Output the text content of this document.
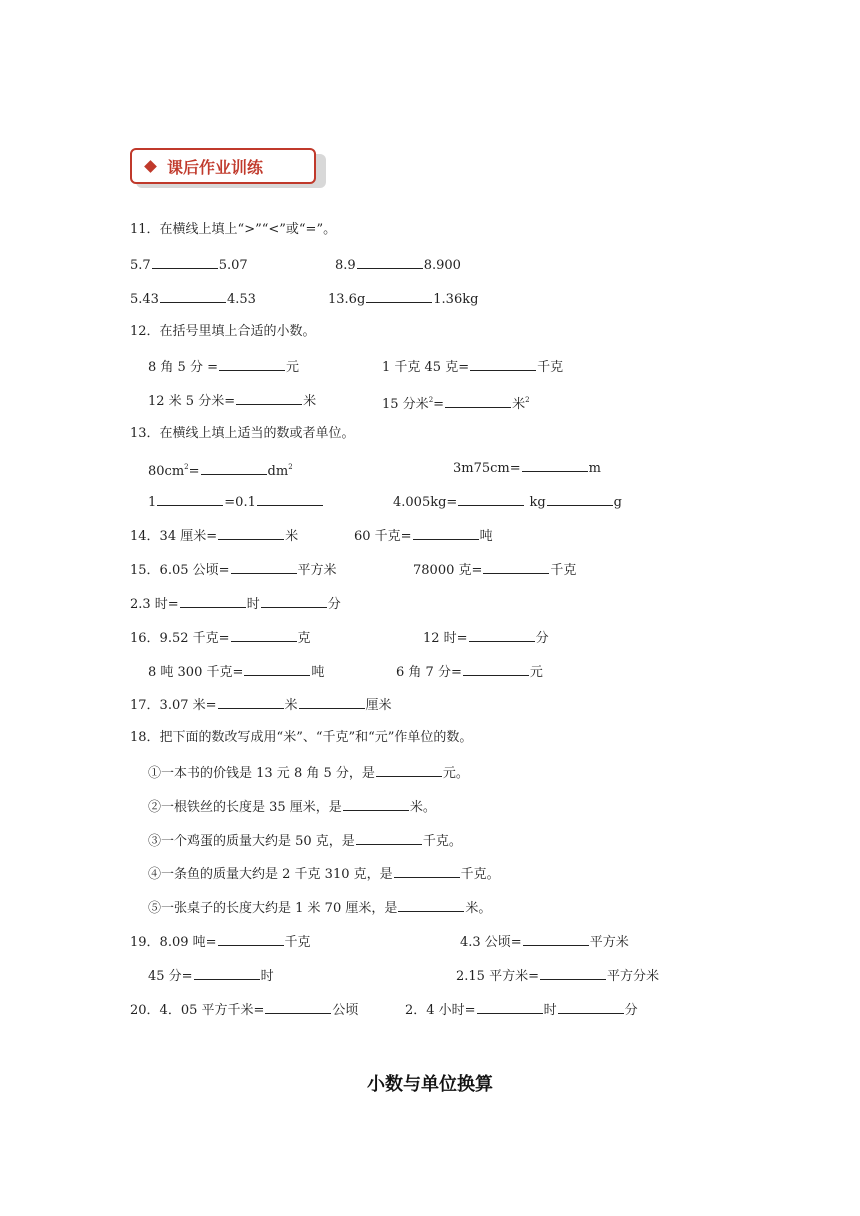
课后作业训练
11．在横线上填上“>”“<”或“=”。
5.7	5.07	8.9	8.900
5.43	4.53	13.6g	1.36kg
12．在括号里填上合适的小数。
8 角 5 分 =	元	1 千克 45 克=	千克
12 米 5 分米=	米	15 分米$^2$=	米$^2$
13．在横线上填上适当的数或者单位。
$80cm^2=$	$dm^2$	3m75cm=	m
1	=0.1	4.005kg=	kg	g
14．34 厘米=	米	60 千克=	吨
15．6.05 公顷=	平方米	78000 克=	千克
2.3 时=	时	分
16．9.52 千克=	克	12 时=	分
8 吨 300 千克=	吨	6 角 7 分=	元
17．3.07 米=	米	厘米
18．把下面的数改写成用“米”、“千克”和“元”作单位的数。
①一本书的价钱是 13 元 8 角 5 分，是	元。
②一根铁丝的长度是 35 厘米，是	米。
③一个鸡蛋的质量大约是 50 克，是	千克。
④一条鱼的质量大约是 2 千克 310 克，是	千克。
⑤一张桌子的长度大约是 1 米 70 厘米，是	米。
19．8.09 吨=	千克	4.3 公顷=	平方米
45 分=	时	2.15 平方米=	平方分米
20．4．05 平方千米=	公顷	2．4 小时=	时	分
小数与单位换算
